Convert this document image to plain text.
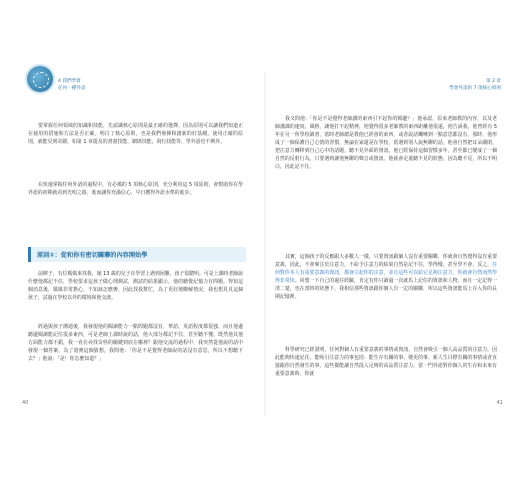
4 我們學會
任何一種外語

要掌握任何領域的知識和技能，先認識核心原則是最正確的選擇，因為原則可以讓我們知道正在使用的措施和方法是否正確。明白了核心原則，也是我們發揮和創新的好基礎。使用正確的原則，就能見到奇蹟，如第 1 章提及的書畫技能、網球技能，飛行技能等，學外語也不例外。

在快速掌握任何外語的過程中，有必備的 5 項核心原則，充分利用這 5 項原則，會幫助你在學外語的初期就看到光明之路，進而讓你充滿信心，早日獲得外語水準的進步。

原則①：從和你有密切關聯的內容開始學

前陣子，有位媽媽來找我，她 13 歲的兒子在學習上遇到困難，孩子很聰明。可是上課時老師說什麼他都記不住，學校要求這孩子做心理測試，測試的結果顯示，他的聽覺記憶力有問題，得知這個消息後，媽媽非常擔心，不知該怎麼辦，因此找我幫忙，為了更好地瞭解情況，我也想見見這個孩子，試過在學校以外的環境和他交談。

經過與孩子溝通後，我發現他的閱讀能力一點問題都沒有，華語、英語程度都很強，而且他邊聽邊閱讀能記住很多東西，可是老師上課時說的話，他大部分都記不住，甚至聽不懂。既然他其他方面能力都不錯，我一直在尋找奇怪的關鍵到底在哪裡？跟他交流的過程中，我突然從他說的話中發現一個答案，為了證實這個猜想，我問他：「你是不是覺得老師說的話沒有意思，所以不想聽下去？」他說：「是！你怎麼知道？」

40
第 2 章
學會外語的 7 項核心原則

我又問他：「你是不是覺得老師講的東西引不起你的興趣？」他承認，原來老師教的內容，以及老師講課的速度、風格，讓他打不起精神，他覺得很多老師教的東西距離他很遠，他告訴我，他曾經有 5 年在另一所學校讀書，當時老師總是教他已經會的東西，或者說話囉嗦到一點意思都沒有，那時，他形成了一個保護自己心情的習慣，無論在家還是在學校，當遇到別人說無聊的話，他會自然把耳朵關閉，把注意力轉移到自己心中的話題，聽不見外面的資訊。他已經保持這個習慣多年，甚至都已變成了一個自然的反射行為，只要遇到讓他無聊的聲音或資訊，他就會走進聽不見的狀態，因為聽不見，所以不明白，因此記不住。

其實，這個孩子的反應跟大多數人一樣，只要資訊跟個人沒有重要關聯，你就會自然覺得沒有重要意義，因此，不會專注於注意力，不給予注意力的結果自然是記不住，學得慢，甚至學不會，反之，任何對你本人有重要意義的資訊，都會引起你的注意，並且這些可以給它足夠注意力，你就會自然而然學得非常快。回想一下自己的過往經驗，肯定有你只讀過一次就馬上記住的資訊和人物，而且一定記得一清二楚，也在當時的狀態下，我相信那些資訊跟你個人有一定的關聯，所以這些資訊能馬上存入你的長期記憶裡。

科學研究已經證明，任何對個人有重要意義的事情或資訊，自然會吸引一個人高品質的注意力，因此能夠快速記住。能吸引注意力的事包括：能生存有關的事、變更的事、新人生目標有關的事情或者直接跟你自然發生的事，這些都能讓自然投入足夠的高品質注意力，當一門外語對你個人的生存和未來有重要意義時，你就

41
